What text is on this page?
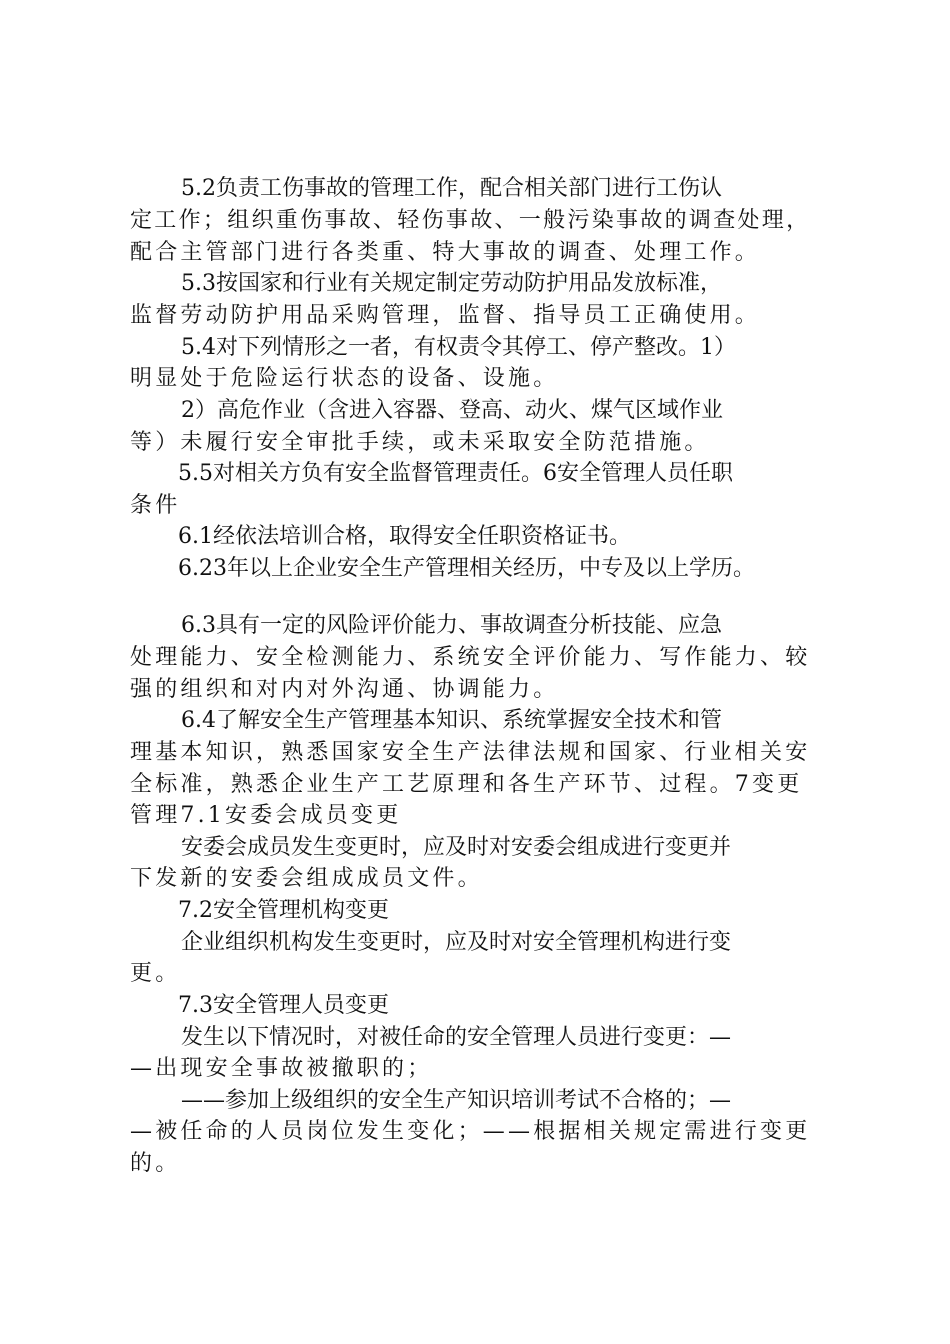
5.2负责工伤事故的管理工作，配合相关部门进行工伤认
定工作；组织重伤事故、轻伤事故、一般污染事故的调查处理，
配合主管部门进行各类重、特大事故的调查、处理工作。
5.3按国家和行业有关规定制定劳动防护用品发放标准，
监督劳动防护用品采购管理，监督、指导员工正确使用。
5.4对下列情形之一者，有权责令其停工、停产整改。1）
明显处于危险运行状态的设备、设施。
2）高危作业（含进入容器、登高、动火、煤气区域作业
等）未履行安全审批手续，或未采取安全防范措施。
5.5对相关方负有安全监督管理责任。6安全管理人员任职
条件
6.1经依法培训合格，取得安全任职资格证书。
6.23年以上企业安全生产管理相关经历，中专及以上学历。
6.3具有一定的风险评价能力、事故调查分析技能、应急
处理能力、安全检测能力、系统安全评价能力、写作能力、较
强的组织和对内对外沟通、协调能力。
6.4了解安全生产管理基本知识、系统掌握安全技术和管
理基本知识，熟悉国家安全生产法律法规和国家、行业相关安
全标准，熟悉企业生产工艺原理和各生产环节、过程。7变更
管理7.1安委会成员变更
安委会成员发生变更时，应及时对安委会组成进行变更并
下发新的安委会组成成员文件。
7.2安全管理机构变更
企业组织机构发生变更时，应及时对安全管理机构进行变
更。
7.3安全管理人员变更
发生以下情况时，对被任命的安全管理人员进行变更：—
—出现安全事故被撤职的；
——参加上级组织的安全生产知识培训考试不合格的；—
—被任命的人员岗位发生变化；——根据相关规定需进行变更
的。
